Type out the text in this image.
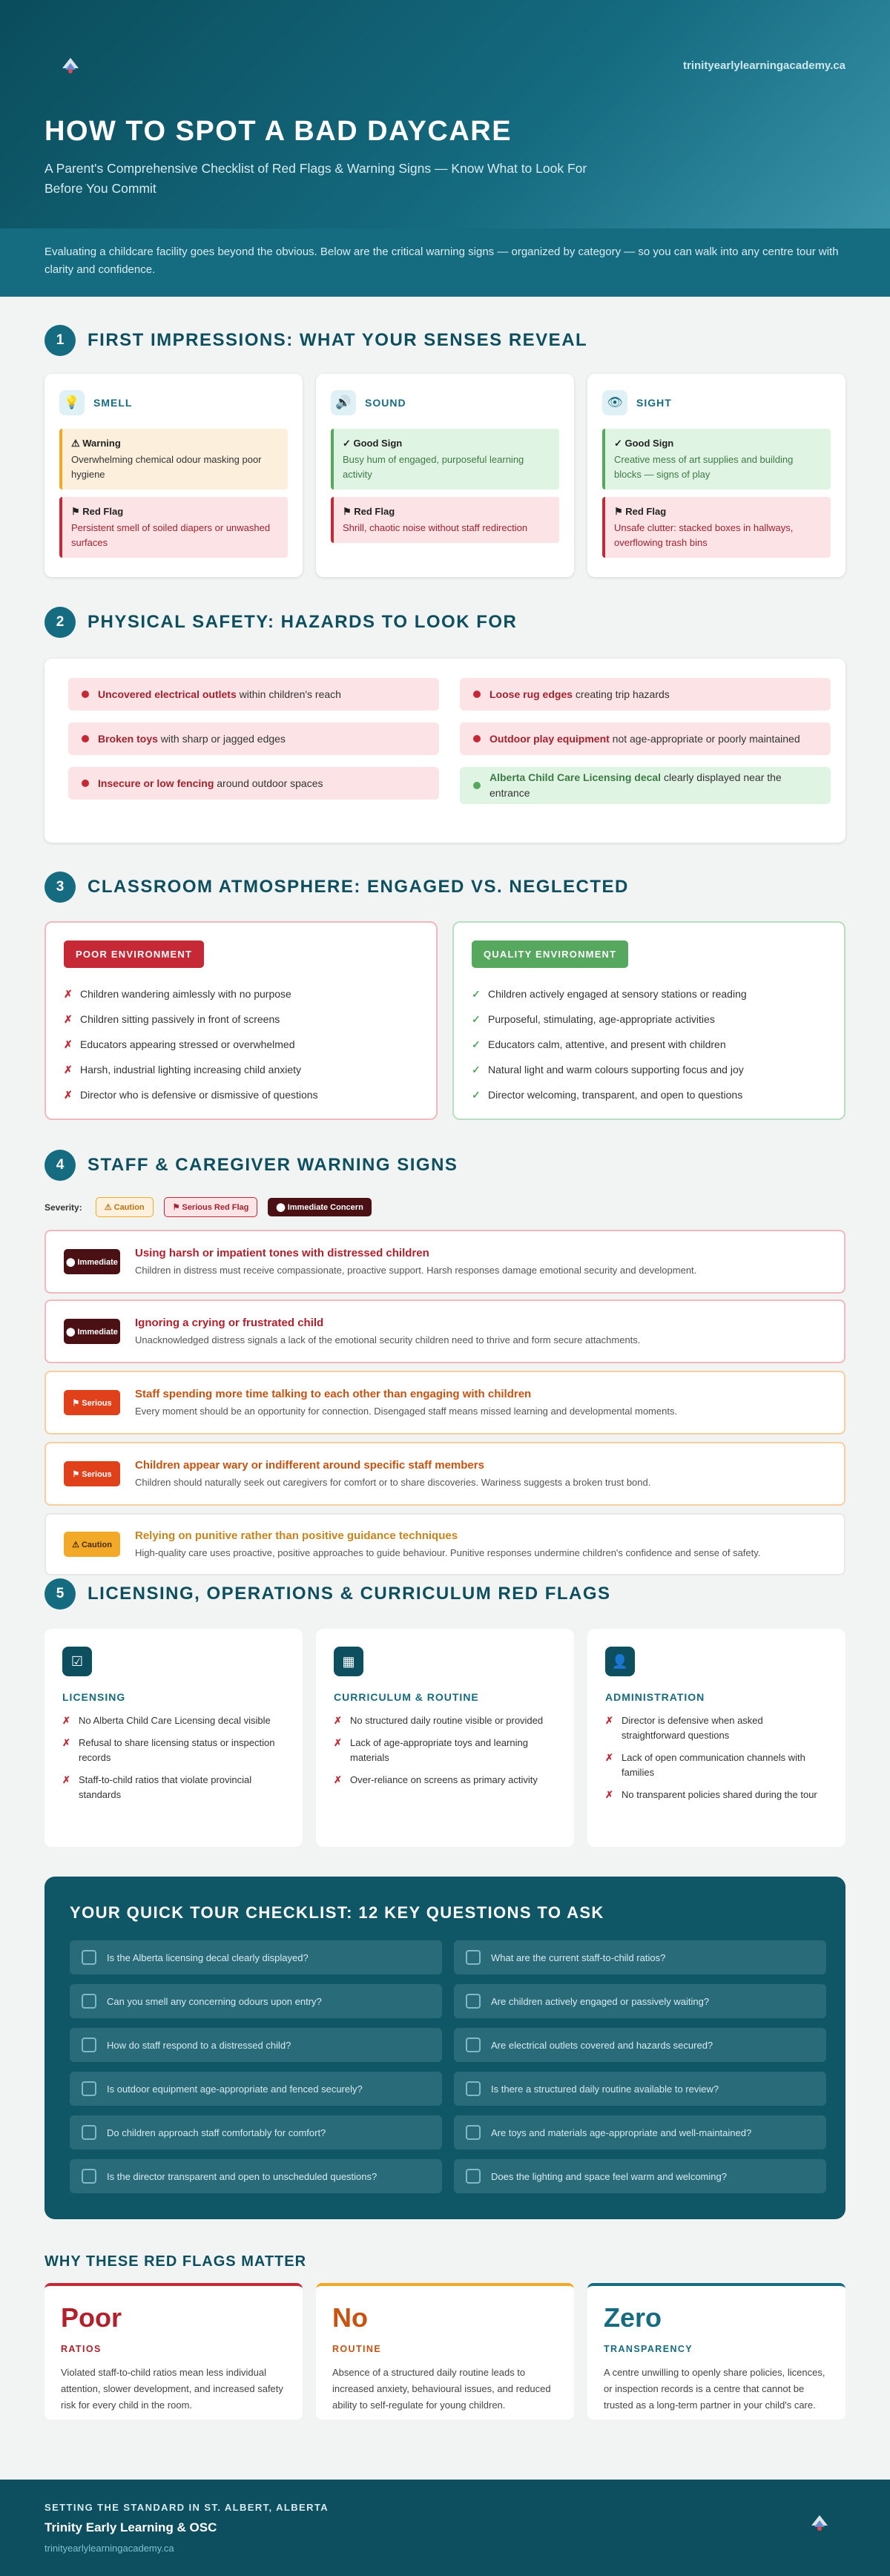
trinityearlylearningacademy.ca
HOW TO SPOT A BAD DAYCARE
A Parent's Comprehensive Checklist of Red Flags & Warning Signs — Know What to Look For Before You Commit
Evaluating a childcare facility goes beyond the obvious. Below are the critical warning signs — organized by category — so you can walk into any centre tour with clarity and confidence.
1	FIRST IMPRESSIONS: WHAT YOUR SENSES REVEAL
💡	SMELL
⚠ Warning
Overwhelming chemical odour masking poor hygiene
⚑ Red Flag
Persistent smell of soiled diapers or unwashed surfaces
🔊	SOUND
✓ Good Sign
Busy hum of engaged, purposeful learning activity
⚑ Red Flag
Shrill, chaotic noise without staff redirection
👁	SIGHT
✓ Good Sign
Creative mess of art supplies and building blocks — signs of play
⚑ Red Flag
Unsafe clutter: stacked boxes in hallways, overflowing trash bins
2	PHYSICAL SAFETY: HAZARDS TO LOOK FOR
Uncovered electrical outlets within children's reach	Loose rug edges creating trip hazards
Broken toys with sharp or jagged edges	Outdoor play equipment not age-appropriate or poorly maintained
Insecure or low fencing around outdoor spaces	Alberta Child Care Licensing decal clearly displayed near the entrance
3	CLASSROOM ATMOSPHERE: ENGAGED VS. NEGLECTED
POOR ENVIRONMENT
✗ Children wandering aimlessly with no purpose
✗ Children sitting passively in front of screens
✗ Educators appearing stressed or overwhelmed
✗ Harsh, industrial lighting increasing child anxiety
✗ Director who is defensive or dismissive of questions
QUALITY ENVIRONMENT
✓ Children actively engaged at sensory stations or reading
✓ Purposeful, stimulating, age-appropriate activities
✓ Educators calm, attentive, and present with children
✓ Natural light and warm colours supporting focus and joy
✓ Director welcoming, transparent, and open to questions
4	STAFF & CAREGIVER WARNING SIGNS
Severity:	⚠ Caution	⚑ Serious Red Flag	⬤ Immediate Concern
⬤ Immediate
Using harsh or impatient tones with distressed children
Children in distress must receive compassionate, proactive support. Harsh responses damage emotional security and development.
⬤ Immediate
Ignoring a crying or frustrated child
Unacknowledged distress signals a lack of the emotional security children need to thrive and form secure attachments.
⚑ Serious
Staff spending more time talking to each other than engaging with children
Every moment should be an opportunity for connection. Disengaged staff means missed learning and developmental moments.
⚑ Serious
Children appear wary or indifferent around specific staff members
Children should naturally seek out caregivers for comfort or to share discoveries. Wariness suggests a broken trust bond.
⚠ Caution
Relying on punitive rather than positive guidance techniques
High-quality care uses proactive, positive approaches to guide behaviour. Punitive responses undermine children's confidence and sense of safety.
5	LICENSING, OPERATIONS & CURRICULUM RED FLAGS
☑
LICENSING
✗ No Alberta Child Care Licensing decal visible
✗ Refusal to share licensing status or inspection records
✗ Staff-to-child ratios that violate provincial standards
▦
CURRICULUM & ROUTINE
✗ No structured daily routine visible or provided
✗ Lack of age-appropriate toys and learning materials
✗ Over-reliance on screens as primary activity
👤
ADMINISTRATION
✗ Director is defensive when asked straightforward questions
✗ Lack of open communication channels with families
✗ No transparent policies shared during the tour
YOUR QUICK TOUR CHECKLIST: 12 KEY QUESTIONS TO ASK
Is the Alberta licensing decal clearly displayed?	What are the current staff-to-child ratios?
Can you smell any concerning odours upon entry?	Are children actively engaged or passively waiting?
How do staff respond to a distressed child?	Are electrical outlets covered and hazards secured?
Is outdoor equipment age-appropriate and fenced securely?	Is there a structured daily routine available to review?
Do children approach staff comfortably for comfort?	Are toys and materials age-appropriate and well-maintained?
Is the director transparent and open to unscheduled questions?	Does the lighting and space feel warm and welcoming?
WHY THESE RED FLAGS MATTER
Poor
RATIOS

Violated staff-to-child ratios mean less individual attention, slower development, and increased safety risk for every child in the room.

No
ROUTINE

Absence of a structured daily routine leads to increased anxiety, behavioural issues, and reduced ability to self-regulate for young children.

Zero
TRANSPARENCY

A centre unwilling to openly share policies, licences, or inspection records is a centre that cannot be trusted as a long-term partner in your child's care.

SETTING THE STANDARD IN ST. ALBERT, ALBERTA
Trinity Early Learning & OSC
trinityearlylearningacademy.ca
